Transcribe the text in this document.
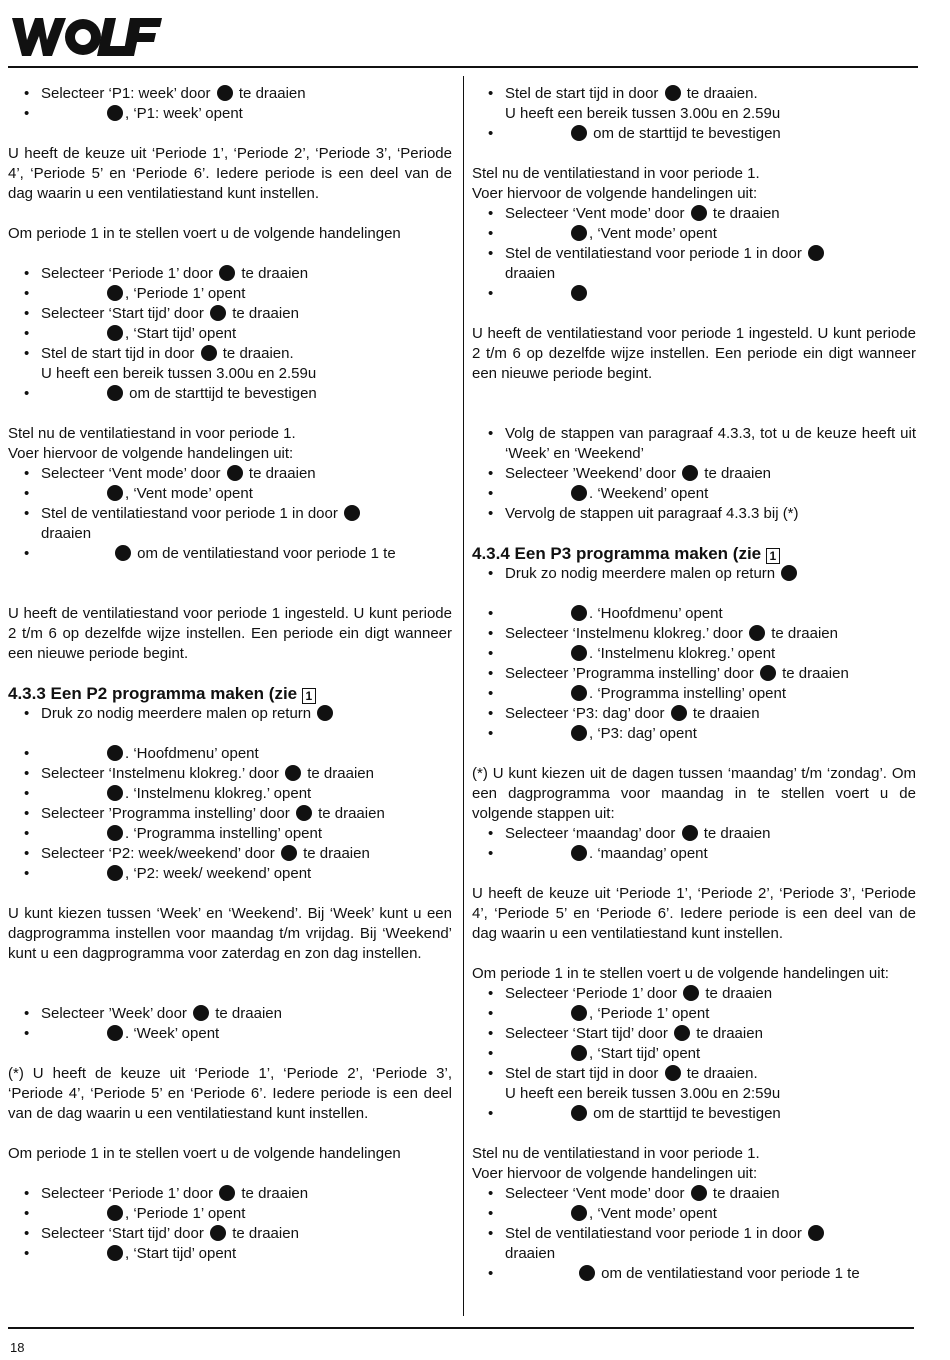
• Selecteer ‘P1: week’ door te draaien
•	, ‘P1: week’ opent
U heeft de keuze uit ‘Periode 1’, ‘Periode 2’, ‘Periode 3’, ‘Periode 4’, ‘Periode 5’ en ‘Periode 6’. Iedere periode is een deel van de dag waarin u een ventilatiestand kunt instellen.
Om periode 1 in te stellen voert u de volgende handelingen
• Selecteer ‘Periode 1’ door te draaien
•	, ‘Periode 1’ opent
• Selecteer ‘Start tijd’ door te draaien
•	, ‘Start tijd’ opent
• Stel de start tijd in door te draaien.
U heeft een bereik tussen 3.00u en 2.59u
•	om de starttijd te bevestigen
Stel nu de ventilatiestand in voor periode 1.
Voer hiervoor de volgende handelingen uit:
• Selecteer ‘Vent mode’ door te draaien
•	, ‘Vent mode’ opent
• Stel de ventilatiestand voor periode 1 in door
draaien
•	om de ventilatiestand voor periode 1 te
U heeft de ventilatiestand voor periode 1 ingesteld. U kunt periode 2 t/m 6 op dezelfde wijze instellen. Een periode ein digt wanneer een nieuwe periode begint.
4.3.3 Een P2 programma maken (zie 1
• Druk zo nodig meerdere malen op return
•	. ‘Hoofdmenu’ opent
• Selecteer ‘Instelmenu klokreg.’ door te draaien
•	. ‘Instelmenu klokreg.’ opent
• Selecteer ’Programma instelling’ door te draaien
•	. ‘Programma instelling’ opent
• Selecteer ‘P2: week/weekend’ door te draaien
•	, ‘P2: week/ weekend’ opent
U kunt kiezen tussen ‘Week’ en ‘Weekend’. Bij ‘Week’ kunt u een dagprogramma instellen voor maandag t/m vrijdag. Bij ‘Weekend’ kunt u een dagprogramma voor zaterdag en zon dag instellen.
• Selecteer ’Week’ door te draaien
•	. ‘Week’ opent
(*) U heeft de keuze uit ‘Periode 1’, ‘Periode 2’, ‘Periode 3’, ‘Periode 4’, ‘Periode 5’ en ‘Periode 6’. Iedere periode is een deel van de dag waarin u een ventilatiestand kunt instellen.
Om periode 1 in te stellen voert u de volgende handelingen
• Selecteer ‘Periode 1’ door te draaien
•	, ‘Periode 1’ opent
• Selecteer ‘Start tijd’ door te draaien
•	, ‘Start tijd’ opent
• Stel de start tijd in door te draaien.
U heeft een bereik tussen 3.00u en 2.59u
•	om de starttijd te bevestigen
Stel nu de ventilatiestand in voor periode 1.
Voer hiervoor de volgende handelingen uit:
• Selecteer ‘Vent mode’ door te draaien
•	, ‘Vent mode’ opent
• Stel de ventilatiestand voor periode 1 in door
draaien
•
U heeft de ventilatiestand voor periode 1 ingesteld. U kunt periode 2 t/m 6 op dezelfde wijze instellen. Een periode ein digt wanneer een nieuwe periode begint.
• Volg de stappen van paragraaf 4.3.3, tot u de keuze heeft uit ‘Week’ en ‘Weekend’
• Selecteer ’Weekend’ door te draaien
•	. ‘Weekend’ opent
• Vervolg de stappen uit paragraaf 4.3.3 bij (*)
4.3.4 Een P3 programma maken (zie 1
• Druk zo nodig meerdere malen op return
•	. ‘Hoofdmenu’ opent
• Selecteer ‘Instelmenu klokreg.’ door te draaien
•	. ‘Instelmenu klokreg.’ opent
• Selecteer ’Programma instelling’ door te draaien
•	. ‘Programma instelling’ opent
• Selecteer ‘P3: dag’ door te draaien
•	, ‘P3: dag’ opent
(*) U kunt kiezen uit de dagen tussen ‘maandag’ t/m ‘zondag’. Om een dagprogramma voor maandag in te stellen voert u de volgende stappen uit:
• Selecteer ‘maandag’ door te draaien
•	. ‘maandag’ opent
U heeft de keuze uit ‘Periode 1’, ‘Periode 2’, ‘Periode 3’, ‘Periode 4’, ‘Periode 5’ en ‘Periode 6’. Iedere periode is een deel van de dag waarin u een ventilatiestand kunt instellen.
Om periode 1 in te stellen voert u de volgende handelingen uit:
• Selecteer ‘Periode 1’ door te draaien
•	, ‘Periode 1’ opent
• Selecteer ‘Start tijd’ door te draaien
•	, ‘Start tijd’ opent
• Stel de start tijd in door te draaien.
U heeft een bereik tussen 3.00u en 2:59u
•	om de starttijd te bevestigen
Stel nu de ventilatiestand in voor periode 1.
Voer hiervoor de volgende handelingen uit:
• Selecteer ‘Vent mode’ door te draaien
•	, ‘Vent mode’ opent
• Stel de ventilatiestand voor periode 1 in door
draaien
•	om de ventilatiestand voor periode 1 te
18
